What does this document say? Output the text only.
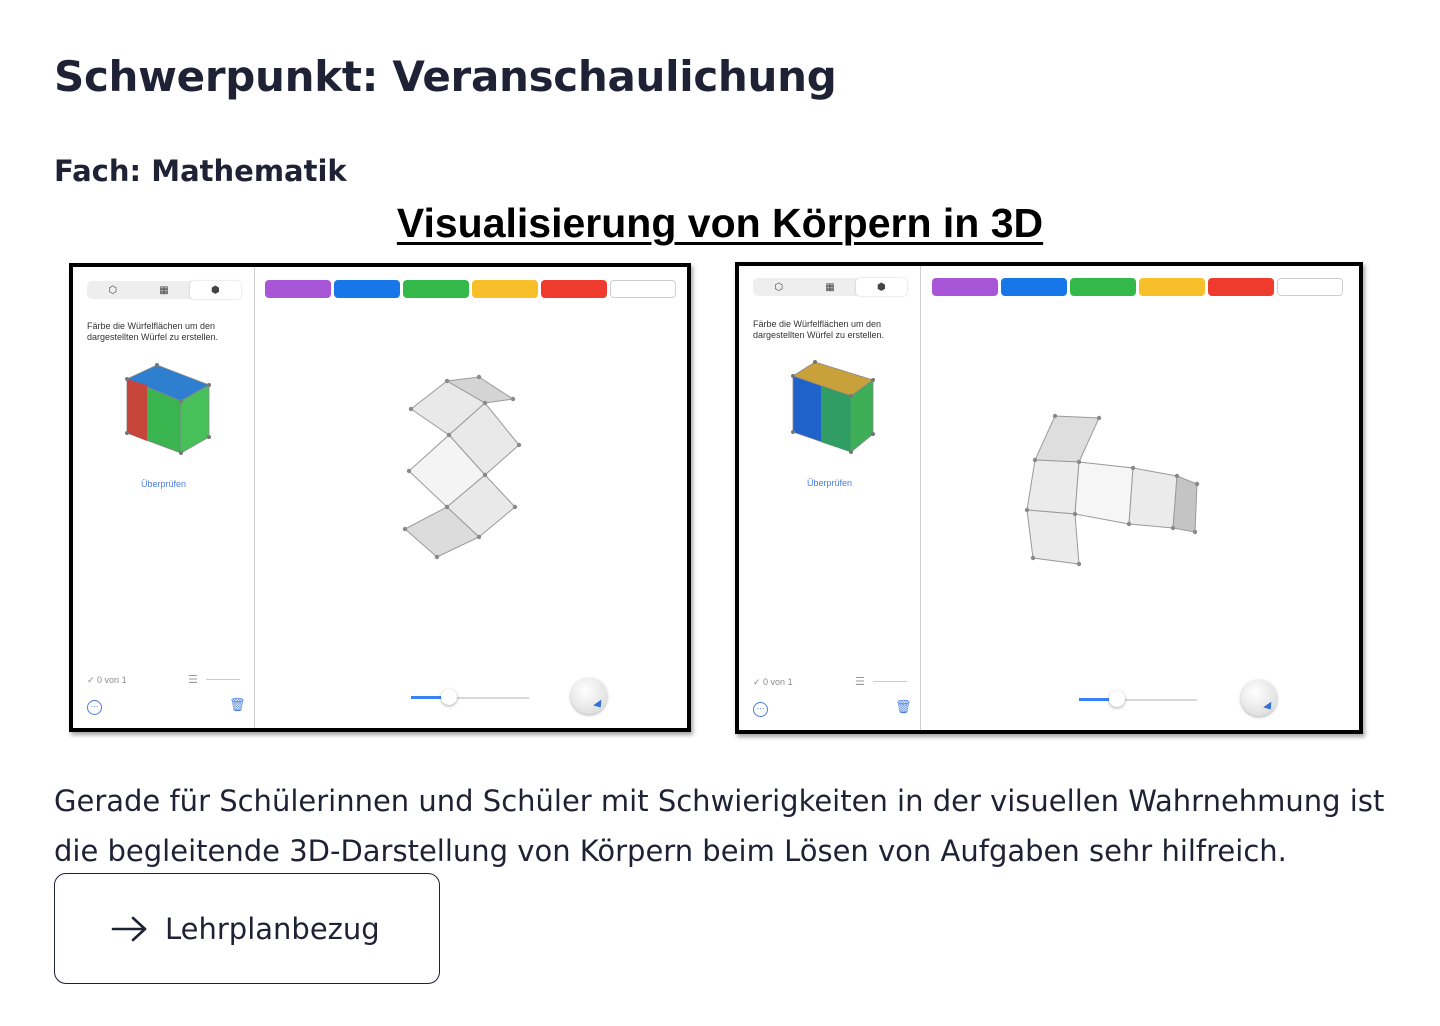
Schwerpunkt: Veranschaulichung
Fach: Mathematik
Visualisierung von Körpern in 3D
⬡	▦	⬢
Färbe die Würfelflächen um den dargestellten Würfel zu erstellen.
Überprüfen
✓ 0 von 1	☰
⋯	🗑
⬡	▦	⬢
Färbe die Würfelflächen um den dargestellten Würfel zu erstellen.
Überprüfen
✓ 0 von 1	☰
⋯	🗑

Gerade für Schülerinnen und Schüler mit Schwierigkeiten in der visuellen Wahrnehmung ist die begleitende 3D-Darstellung von Körpern beim Lösen von Aufgaben sehr hilfreich.

Lehrplanbezug
